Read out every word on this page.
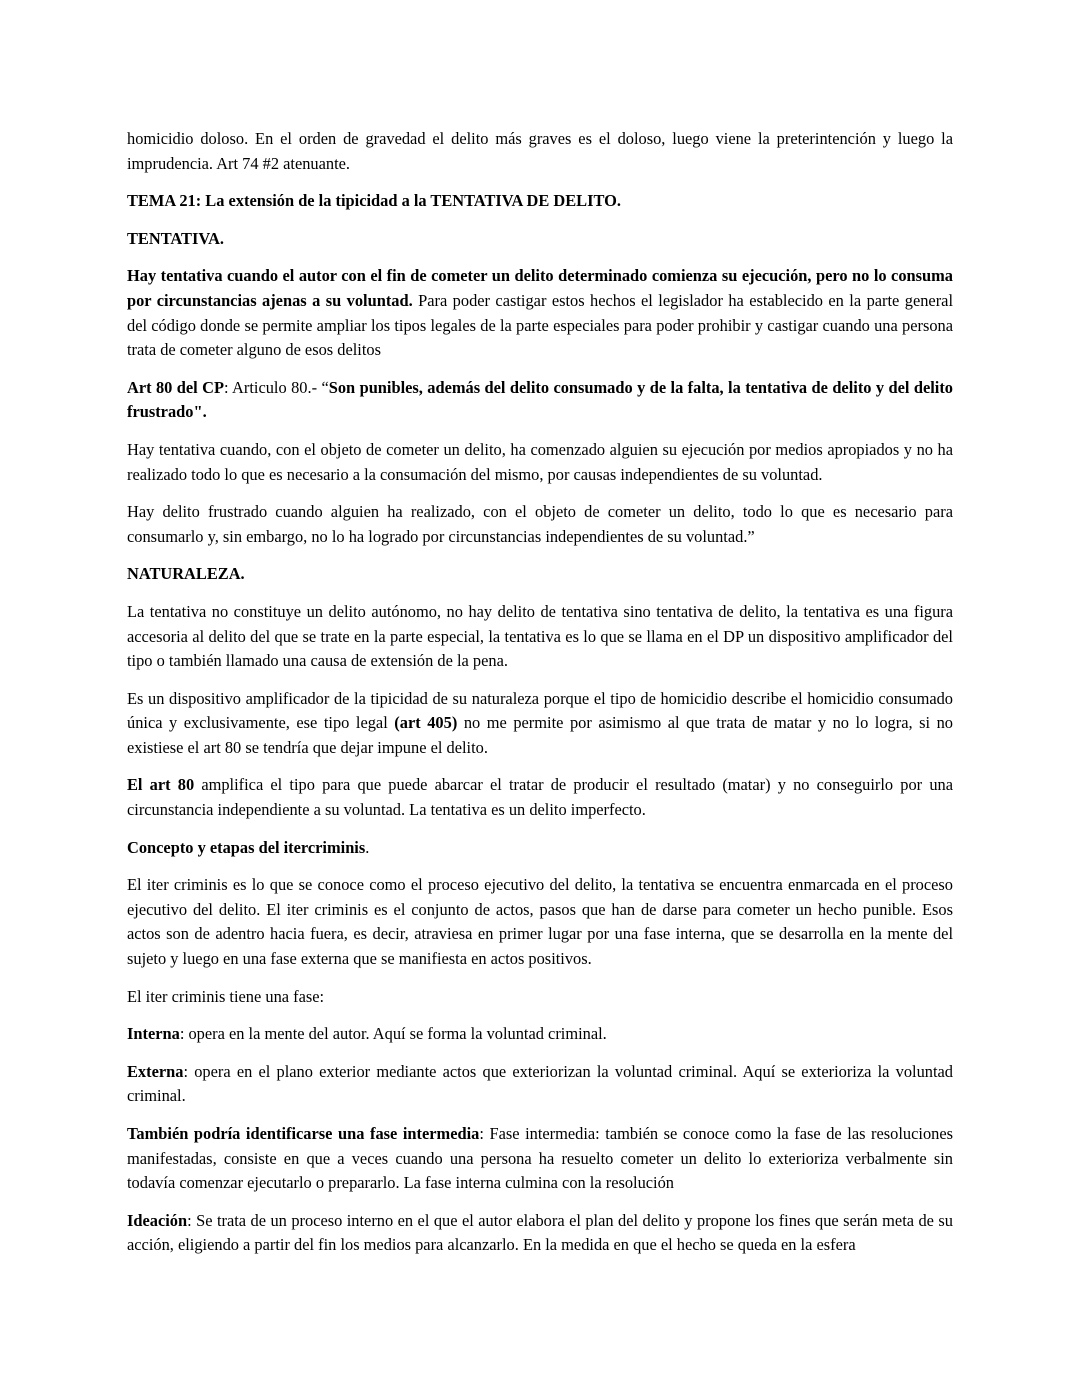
homicidio doloso. En el orden de gravedad el delito más graves es el doloso, luego viene la preterintención y luego la imprudencia. Art 74 #2 atenuante.

TEMA 21: La extensión de la tipicidad a la TENTATIVA DE DELITO.

TENTATIVA.

Hay tentativa cuando el autor con el fin de cometer un delito determinado comienza su ejecución, pero no lo consuma por circunstancias ajenas a su voluntad. Para poder castigar estos hechos el legislador ha establecido en la parte general del código donde se permite ampliar los tipos legales de la parte especiales para poder prohibir y castigar cuando una persona trata de cometer alguno de esos delitos

Art 80 del CP: Articulo 80.- “Son punibles, además del delito consumado y de la falta, la tentativa de delito y del delito frustrado".

Hay tentativa cuando, con el objeto de cometer un delito, ha comenzado alguien su ejecución por medios apropiados y no ha realizado todo lo que es necesario a la consumación del mismo, por causas independientes de su voluntad.

Hay delito frustrado cuando alguien ha realizado, con el objeto de cometer un delito, todo lo que es necesario para consumarlo y, sin embargo, no lo ha logrado por circunstancias independientes de su voluntad.”

NATURALEZA.

La tentativa no constituye un delito autónomo, no hay delito de tentativa sino tentativa de delito, la tentativa es una figura accesoria al delito del que se trate en la parte especial, la tentativa es lo que se llama en el DP un dispositivo amplificador del tipo o también llamado una causa de extensión de la pena.

Es un dispositivo amplificador de la tipicidad de su naturaleza porque el tipo de homicidio describe el homicidio consumado única y exclusivamente, ese tipo legal (art 405) no me permite por asimismo al que trata de matar y no lo logra, si no existiese el art 80 se tendría que dejar impune el delito.

El art 80 amplifica el tipo para que puede abarcar el tratar de producir el resultado (matar) y no conseguirlo por una circunstancia independiente a su voluntad. La tentativa es un delito imperfecto.

Concepto y etapas del itercriminis.

El iter criminis es lo que se conoce como el proceso ejecutivo del delito, la tentativa se encuentra enmarcada en el proceso ejecutivo del delito. El iter criminis es el conjunto de actos, pasos que han de darse para cometer un hecho punible. Esos actos son de adentro hacia fuera, es decir, atraviesa en primer lugar por una fase interna, que se desarrolla en la mente del sujeto y luego en una fase externa que se manifiesta en actos positivos.

El iter criminis tiene una fase:

Interna: opera en la mente del autor. Aquí se forma la voluntad criminal.

Externa: opera en el plano exterior mediante actos que exteriorizan la voluntad criminal. Aquí se exterioriza la voluntad criminal.

También podría identificarse una fase intermedia: Fase intermedia: también se conoce como la fase de las resoluciones manifestadas, consiste en que a veces cuando una persona ha resuelto cometer un delito lo exterioriza verbalmente sin todavía comenzar ejecutarlo o prepararlo. La fase interna culmina con la resolución

Ideación: Se trata de un proceso interno en el que el autor elabora el plan del delito y propone los fines que serán meta de su acción, eligiendo a partir del fin los medios para alcanzarlo. En la medida en que el hecho se queda en la esfera
